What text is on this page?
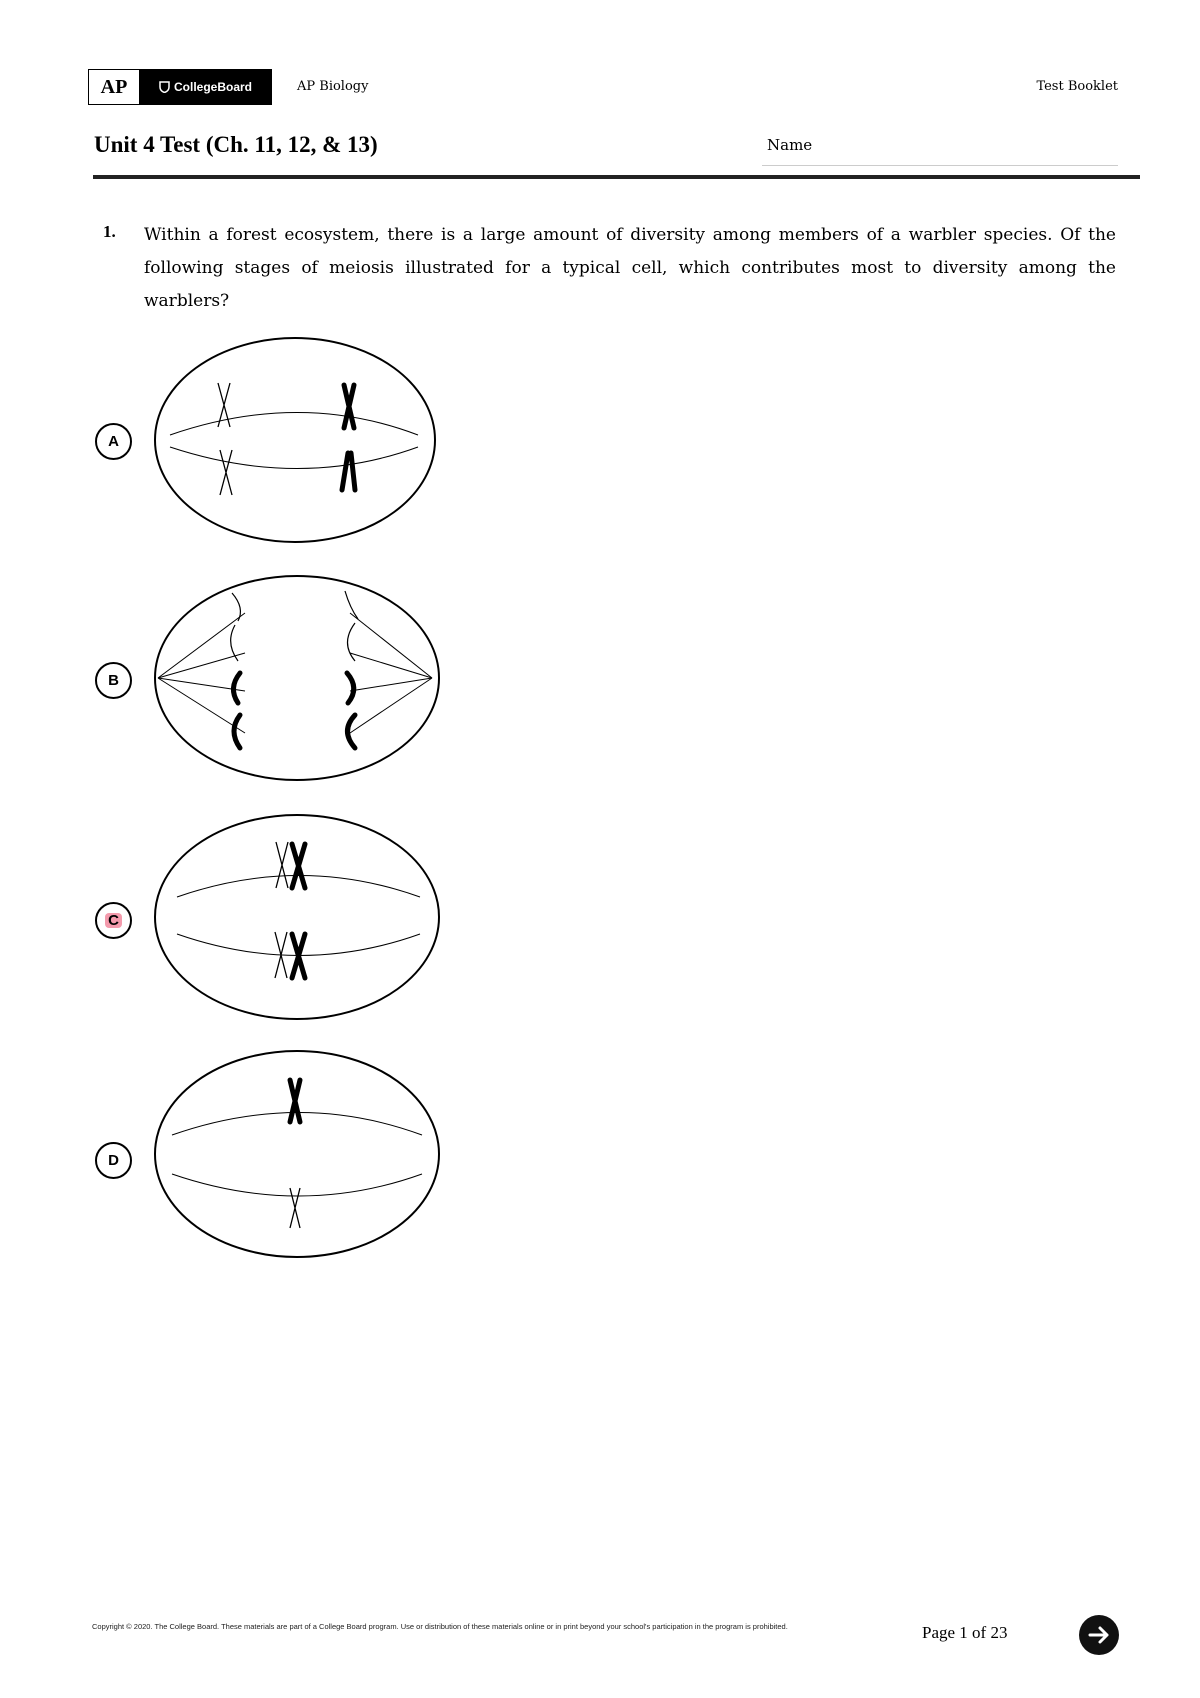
AP	CollegeBoard	AP Biology	Test Booklet
Unit 4 Test (Ch. 11, 12, & 13)	Name
1. Within a forest ecosystem, there is a large amount of diversity among members of a warbler species. Of the following stages of meiosis illustrated for a typical cell, which contributes most to diversity among the warblers?
A
B
C
D
Copyright © 2020. The College Board. These materials are part of a College Board program. Use or distribution of these materials online or in print beyond your school's participation in the program is prohibited.	Page 1 of 23
